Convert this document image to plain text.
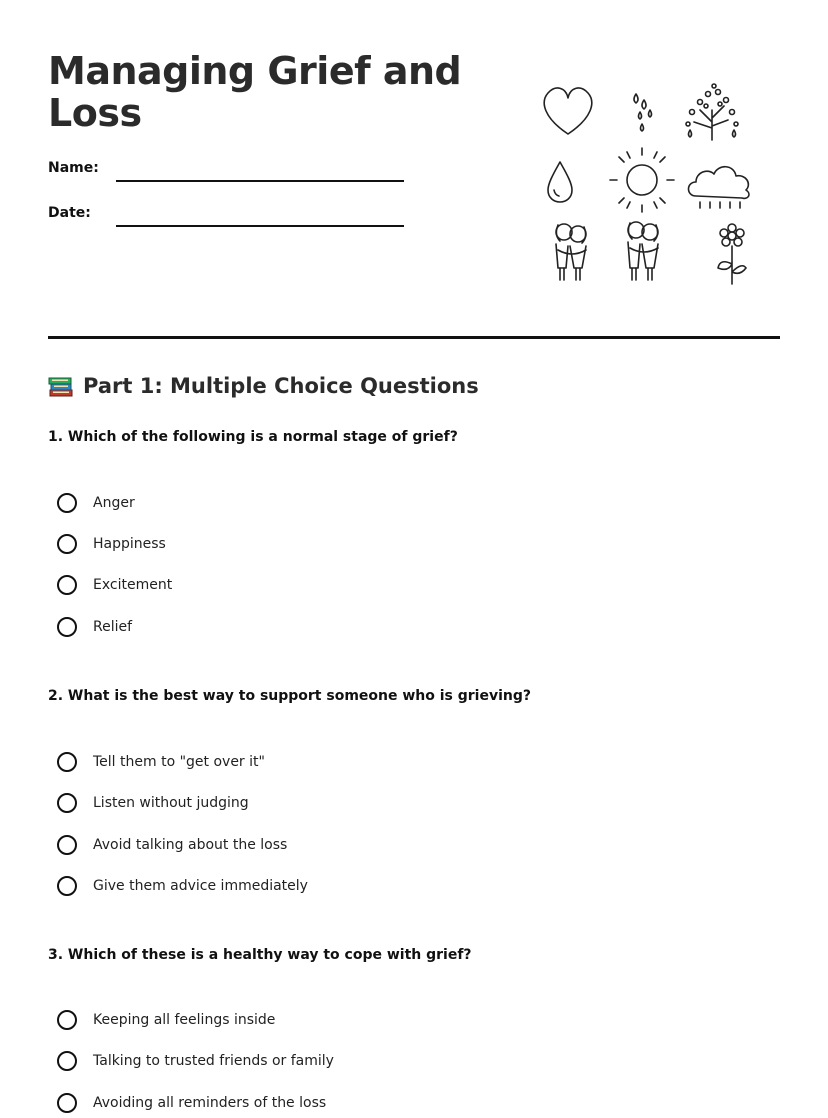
Managing Grief and Loss
Name:
Date:
Part 1: Multiple Choice Questions
1. Which of the following is a normal stage of grief?
Anger
Happiness
Excitement
Relief
2. What is the best way to support someone who is grieving?
Tell them to "get over it"
Listen without judging
Avoid talking about the loss
Give them advice immediately
3. Which of these is a healthy way to cope with grief?
Keeping all feelings inside
Talking to trusted friends or family
Avoiding all reminders of the loss
